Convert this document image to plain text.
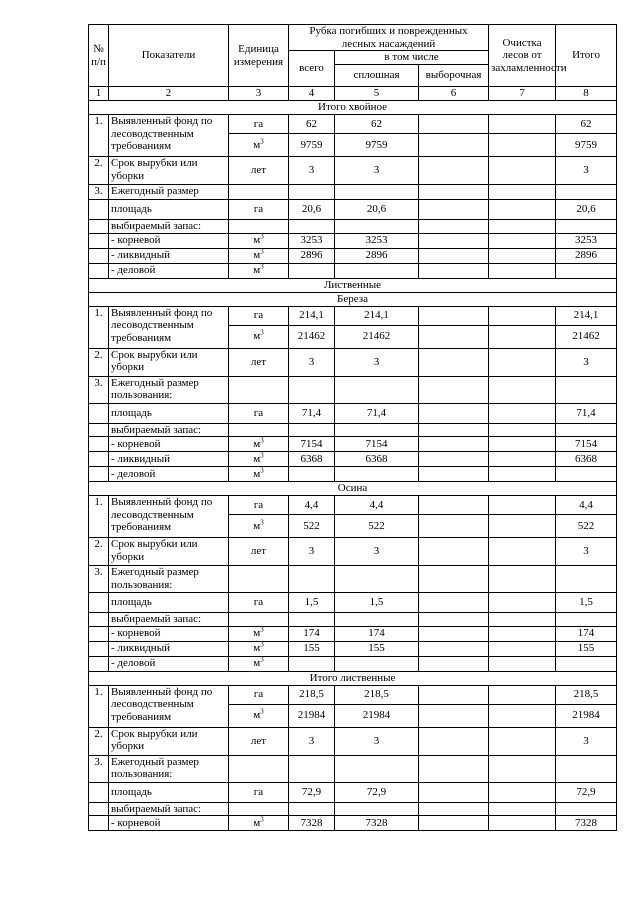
№ п/п	Показатели	Единица измерения	Рубка погибших и поврежденных лесных насаждений			Очистка лесов от захламленности	Итого
			всего	в том числе			
				сплошная	выборочная		
1	2	3	4	5	6	7	8
Итого хвойное							
1.	Выявленный фонд по лесоводственным требованиям	га	62	62			62
		$м^3$	9759	9759			9759
2.	Срок вырубки или уборки	лет	3	3			3
3.	Ежегодный размер						
	площадь	га	20,6	20,6			20,6
	выбираемый запас:						
	- корневой	$м^3$	3253	3253			3253
	- ликвидный	$м^3$	2896	2896			2896
	- деловой	$м^3$					
Лиственные							
Береза							
1.	Выявленный фонд по лесоводственным требованиям	га	214,1	214,1			214,1
		$м^3$	21462	21462			21462
2.	Срок вырубки или уборки	лет	3	3			3
3.	Ежегодный размер пользования:						
	площадь	га	71,4	71,4			71,4
	выбираемый запас:						
	- корневой	$м^3$	7154	7154			7154
	- ликвидный	$м^3$	6368	6368			6368
	- деловой	$м^3$					
Осина							
1.	Выявленный фонд по лесоводственным требованиям	га	4,4	4,4			4,4
		$м^3$	522	522			522
2.	Срок вырубки или уборки	лет	3	3			3
3.	Ежегодный размер пользования:						
	площадь	га	1,5	1,5			1,5
	выбираемый запас:						
	- корневой	$м^3$	174	174			174
	- ликвидный	$м^3$	155	155			155
	- деловой	$м^3$					
Итого лиственные							
1.	Выявленный фонд по лесоводственным требованиям	га	218,5	218,5			218,5
		$м^3$	21984	21984			21984
2.	Срок вырубки или уборки	лет	3	3			3
3.	Ежегодный размер пользования:						
	площадь	га	72,9	72,9			72,9
	выбираемый запас:						
	- корневой	$м^3$	7328	7328			7328
